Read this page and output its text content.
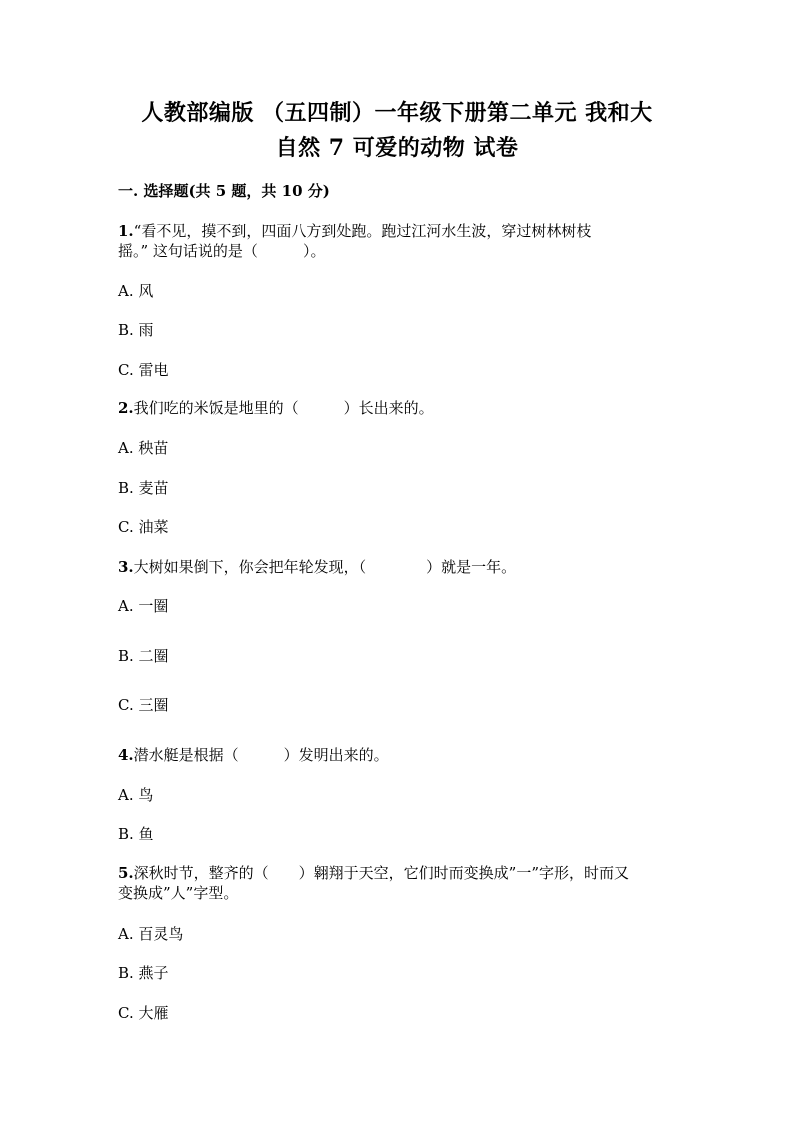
人教部编版 （五四制）一年级下册第二单元 我和大
自然 7 可爱的动物 试卷
一. 选择题(共 5 题，共 10 分)
1.“看不见，摸不到，四面八方到处跑。跑过江河水生波，穿过树林树枝
摇。” 这句话说的是（　　　）。
A. 风
B. 雨
C. 雷电
2.我们吃的米饭是地里的（　　　）长出来的。
A. 秧苗
B. 麦苗
C. 油菜
3.大树如果倒下，你会把年轮发现，（　　　　）就是一年。
A. 一圈
B. 二圈
C. 三圈
4.潜水艇是根据（　　　）发明出来的。
A. 鸟
B. 鱼
5.深秋时节，整齐的（　　）翱翔于天空，它们时而变换成”一”字形，时而又
变换成”人”字型。
A. 百灵鸟
B. 燕子
C. 大雁
